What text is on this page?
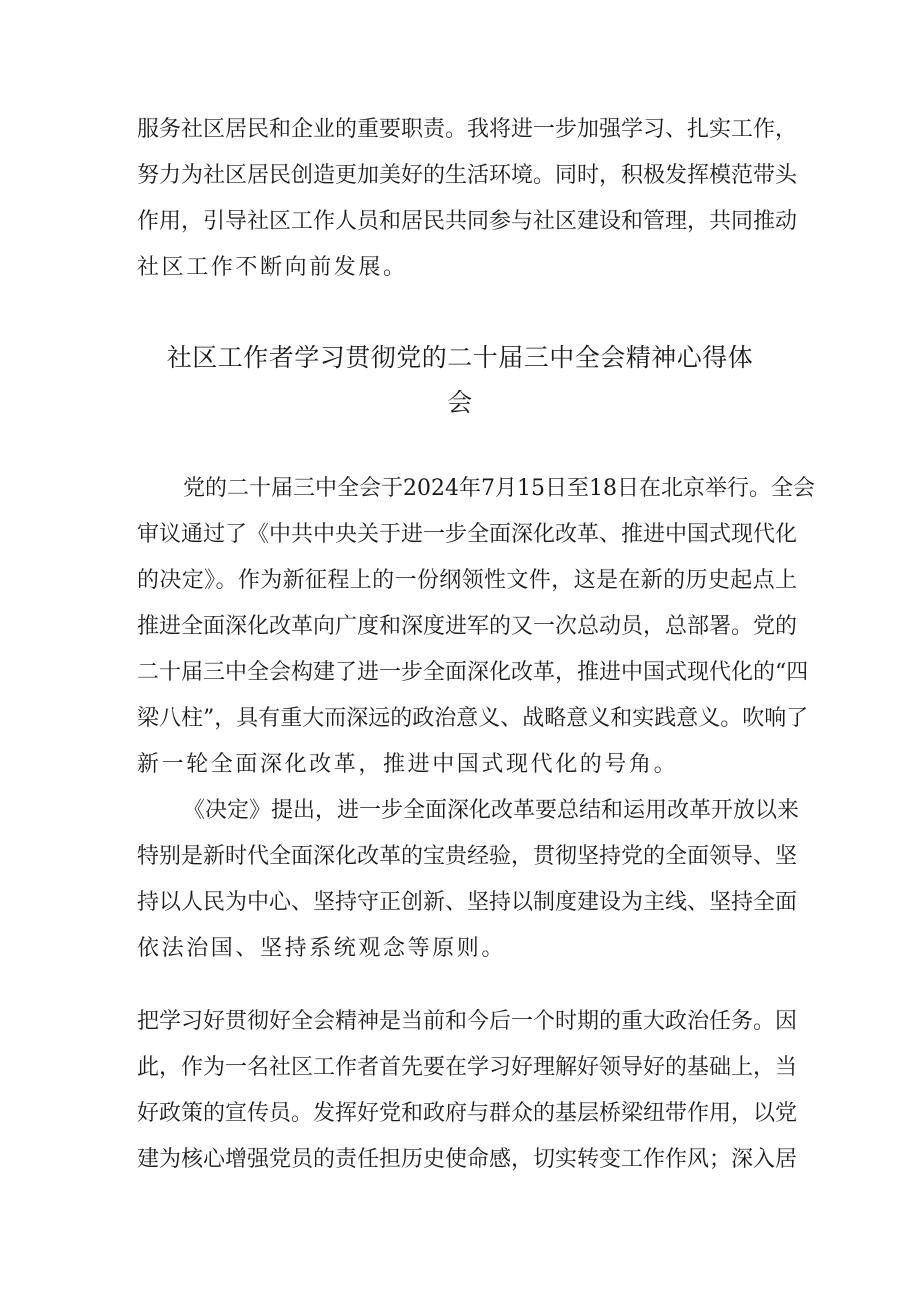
服务社区居民和企业的重要职责。我将进一步加强学习、扎实工作，
努力为社区居民创造更加美好的生活环境。同时，积极发挥模范带头
作用，引导社区工作人员和居民共同参与社区建设和管理，共同推动
社区工作不断向前发展。
社区工作者学习贯彻党的二十届三中全会精神心得体
会
党的二十届三中全会于2024年7月15日至18日在北京举行。全会
审议通过了《中共中央关于进一步全面深化改革、推进中国式现代化
的决定》。作为新征程上的一份纲领性文件，这是在新的历史起点上
推进全面深化改革向广度和深度进军的又一次总动员，总部署。党的
二十届三中全会构建了进一步全面深化改革，推进中国式现代化的“四
梁八柱”，具有重大而深远的政治意义、战略意义和实践意义。吹响了
新一轮全面深化改革，推进中国式现代化的号角。
《决定》提出，进一步全面深化改革要总结和运用改革开放以来
特别是新时代全面深化改革的宝贵经验，贯彻坚持党的全面领导、坚
持以人民为中心、坚持守正创新、坚持以制度建设为主线、坚持全面
依法治国、坚持系统观念等原则。
把学习好贯彻好全会精神是当前和今后一个时期的重大政治任务。因
此，作为一名社区工作者首先要在学习好理解好领导好的基础上，当
好政策的宣传员。发挥好党和政府与群众的基层桥梁纽带作用，以党
建为核心增强党员的责任担历史使命感，切实转变工作作风；深入居
